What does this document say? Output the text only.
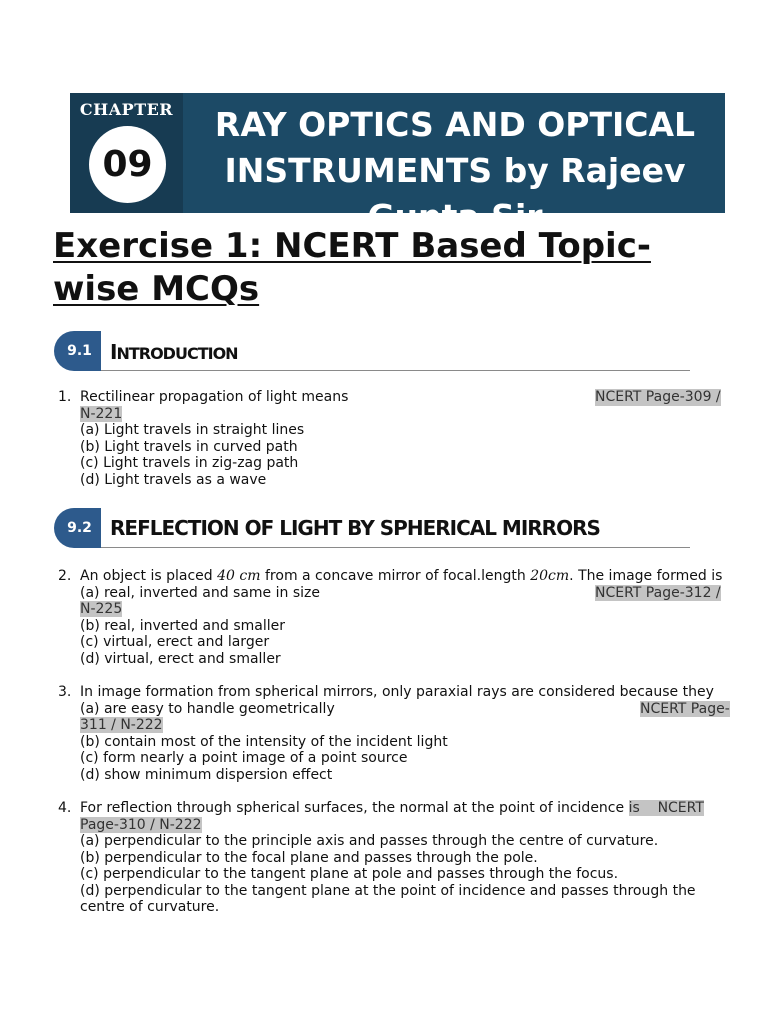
CHAPTER
09
RAY OPTICS AND OPTICAL INSTRUMENTS by Rajeev Gupta Sir
Exercise 1: NCERT Based Topic-wise MCQs
9.1 INTRODUCTION
1. Rectilinear propagation of light means	NCERT Page-309 /
N-221
(a) Light travels in straight lines
(b) Light travels in curved path
(c) Light travels in zig-zag path
(d) Light travels as a wave
9.2 REFLECTION OF LIGHT BY SPHERICAL MIRRORS
2. An object is placed 40 cm from a concave mirror of focal.length 20cm. The image formed is
(a) real, inverted and same in size	NCERT Page-312 /
N-225
(b) real, inverted and smaller
(c) virtual, erect and larger
(d) virtual, erect and smaller
3. In image formation from spherical mirrors, only paraxial rays are considered because they
(a) are easy to handle geometrically	NCERT Page-
311 / N-222
(b) contain most of the intensity of the incident light
(c) form nearly a point image of a point source
(d) show minimum dispersion effect
4. For reflection through spherical surfaces, the normal at the point of incidence is    NCERT
Page-310 / N-222
(a) perpendicular to the principle axis and passes through the centre of curvature.
(b) perpendicular to the focal plane and passes through the pole.
(c) perpendicular to the tangent plane at pole and passes through the focus.
(d) perpendicular to the tangent plane at the point of incidence and passes through the centre of curvature.
